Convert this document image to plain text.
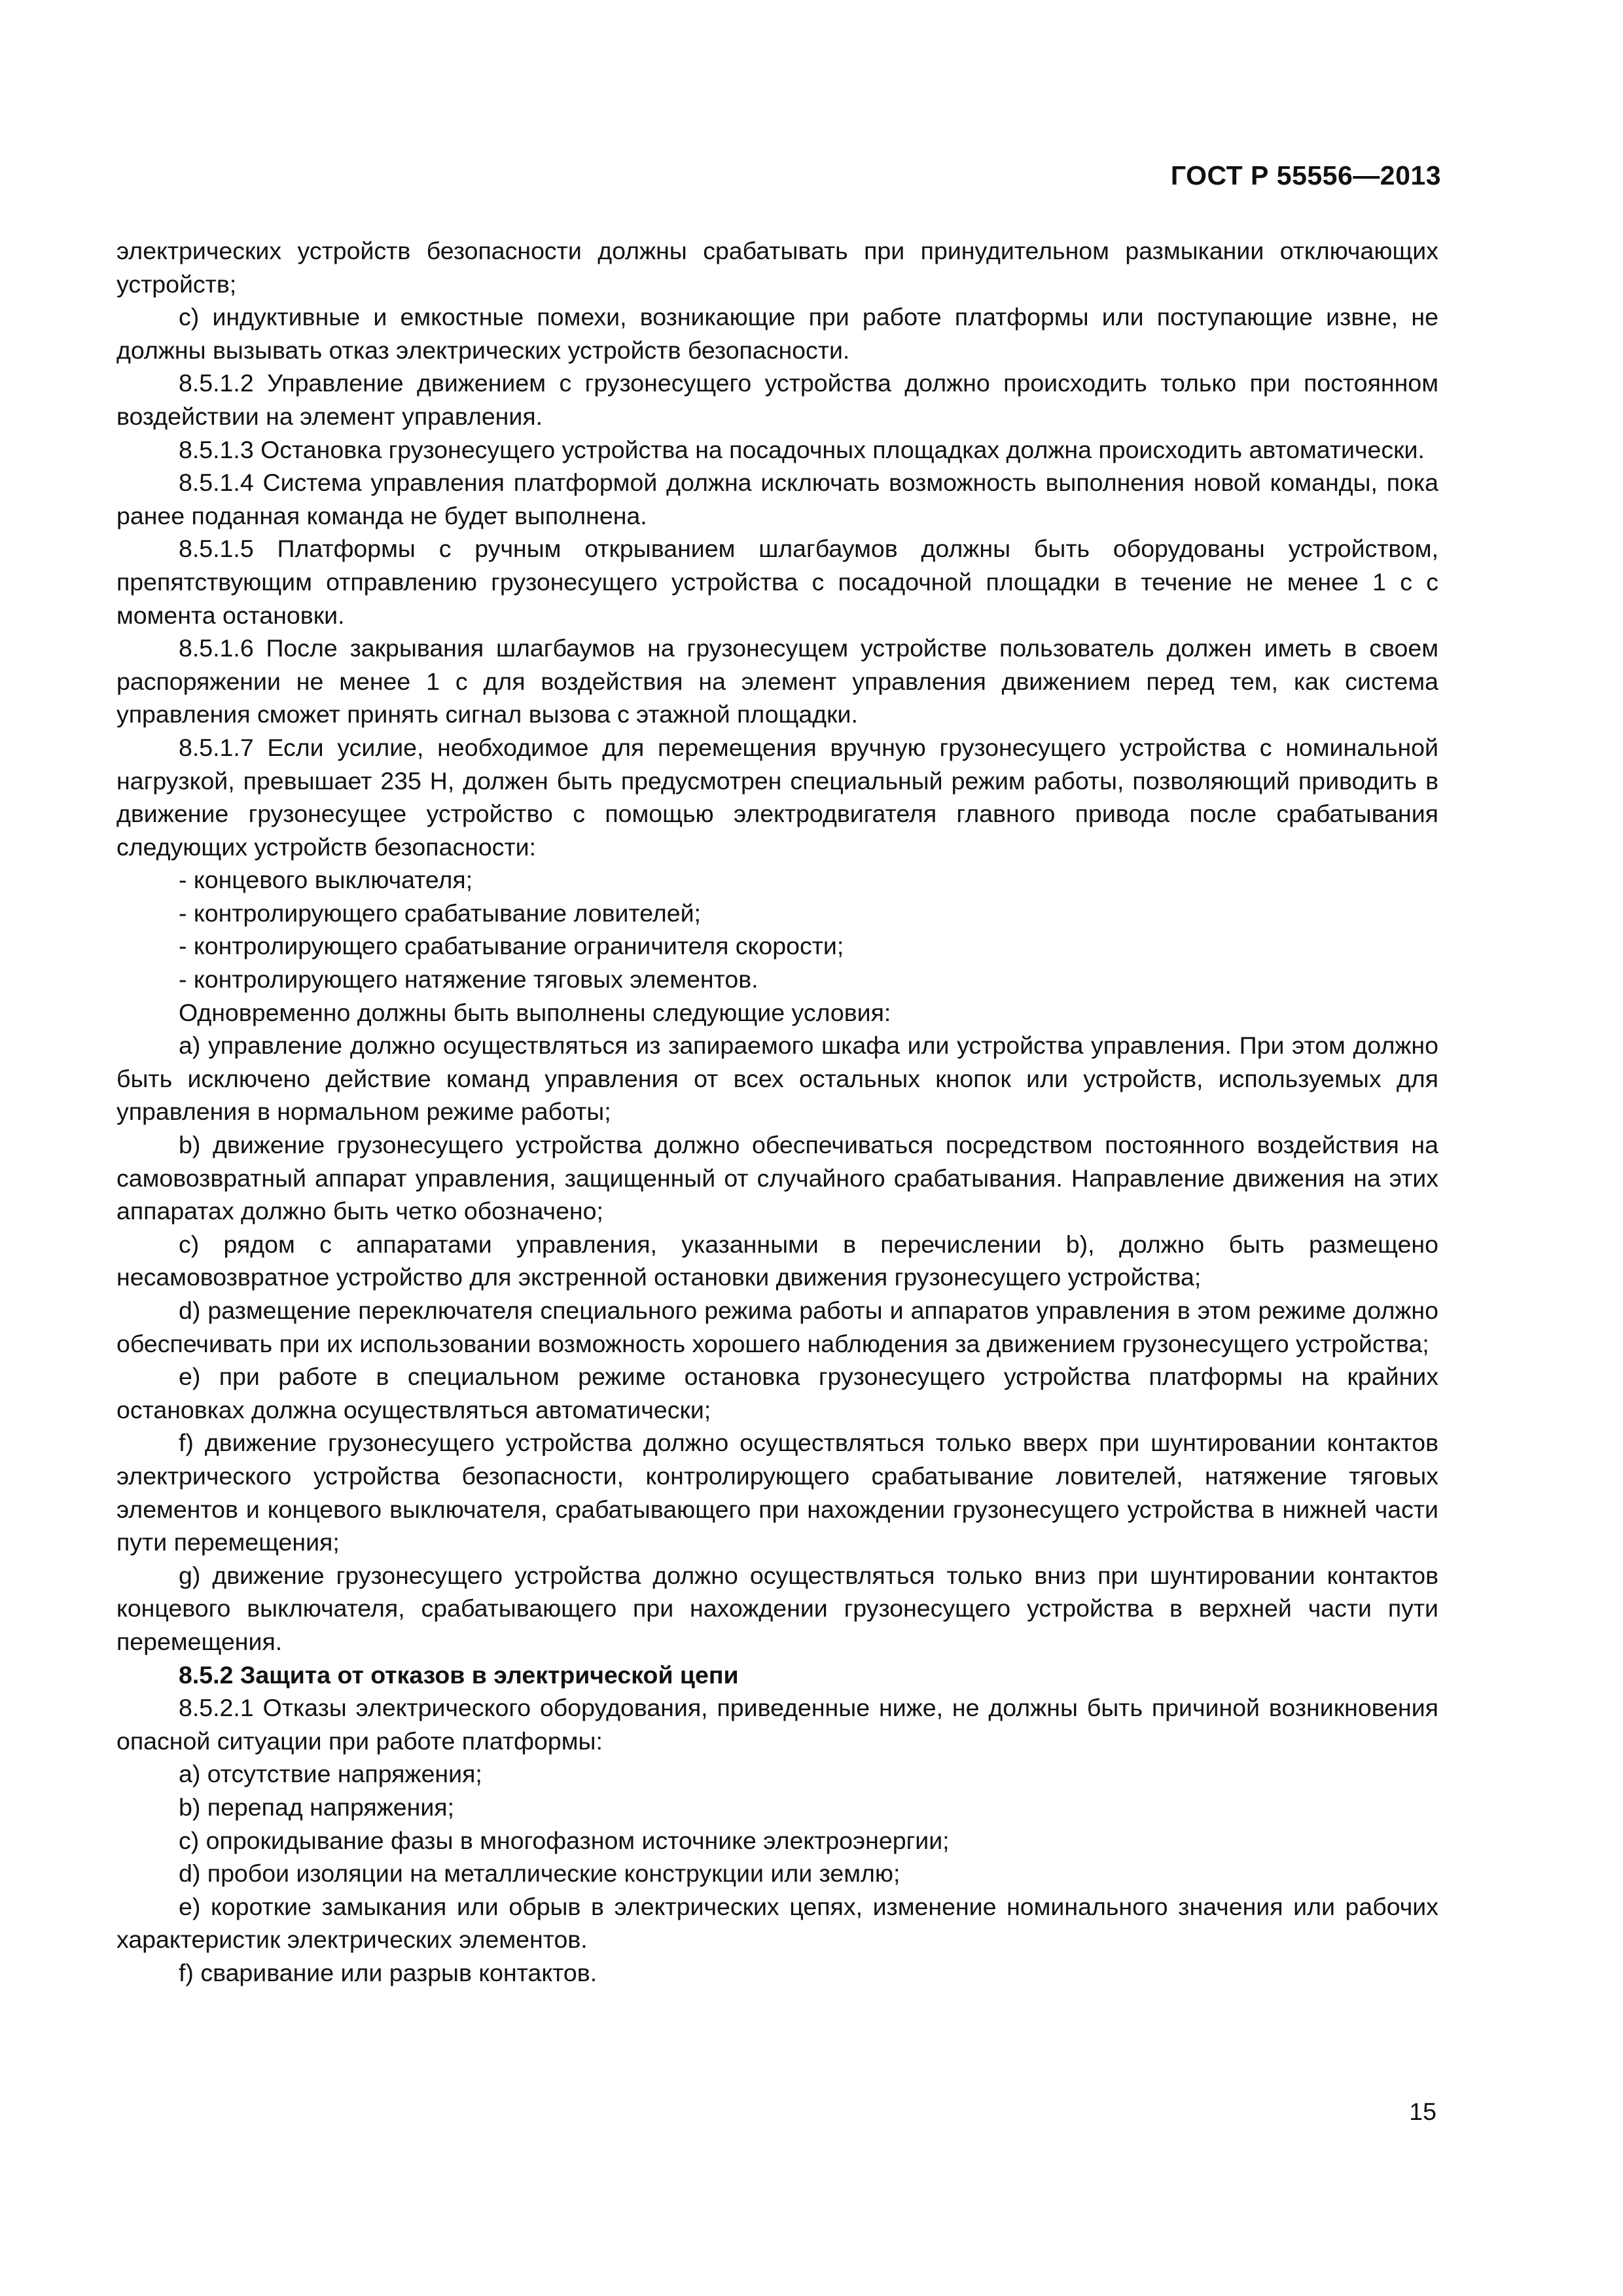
ГОСТ Р 55556—2013

электрических устройств безопасности должны срабатывать при принудительном размыкании отключающих устройств;

c) индуктивные и емкостные помехи, возникающие при работе платформы или поступающие извне, не должны вызывать отказ электрических устройств безопасности.

8.5.1.2 Управление движением с грузонесущего устройства должно происходить только при постоянном воздействии на элемент управления.

8.5.1.3 Остановка грузонесущего устройства на посадочных площадках должна происходить автоматически.

8.5.1.4 Система управления платформой должна исключать возможность выполнения новой команды, пока ранее поданная команда не будет выполнена.

8.5.1.5 Платформы с ручным открыванием шлагбаумов должны быть оборудованы устройством, препятствующим отправлению грузонесущего устройства с посадочной площадки в течение не менее 1 с с момента остановки.

8.5.1.6 После закрывания шлагбаумов на грузонесущем устройстве пользователь должен иметь в своем распоряжении не менее 1 с для воздействия на элемент управления движением перед тем, как система управления сможет принять сигнал вызова с этажной площадки.

8.5.1.7 Если усилие, необходимое для перемещения вручную грузонесущего устройства с номинальной нагрузкой, превышает 235 Н, должен быть предусмотрен специальный режим работы, позволяющий приводить в движение грузонесущее устройство с помощью электродвигателя главного привода после срабатывания следующих устройств безопасности:

- концевого выключателя;

- контролирующего срабатывание ловителей;

- контролирующего срабатывание ограничителя скорости;

- контролирующего натяжение тяговых элементов.

Одновременно должны быть выполнены следующие условия:

a) управление должно осуществляться из запираемого шкафа или устройства управления. При этом должно быть исключено действие команд управления от всех остальных кнопок или устройств, используемых для управления в нормальном режиме работы;

b) движение грузонесущего устройства должно обеспечиваться посредством постоянного воздействия на самовозвратный аппарат управления, защищенный от случайного срабатывания. Направление движения на этих аппаратах должно быть четко обозначено;

c) рядом с аппаратами управления, указанными в перечислении b), должно быть размещено несамовозвратное устройство для экстренной остановки движения грузонесущего устройства;

d) размещение переключателя специального режима работы и аппаратов управления в этом режиме должно обеспечивать при их использовании возможность хорошего наблюдения за движением грузонесущего устройства;

e) при работе в специальном режиме остановка грузонесущего устройства платформы на крайних остановках должна осуществляться автоматически;

f) движение грузонесущего устройства должно осуществляться только вверх при шунтировании контактов электрического устройства безопасности, контролирующего срабатывание ловителей, натяжение тяговых элементов и концевого выключателя, срабатывающего при нахождении грузонесущего устройства в нижней части пути перемещения;

g) движение грузонесущего устройства должно осуществляться только вниз при шунтировании контактов концевого выключателя, срабатывающего при нахождении грузонесущего устройства в верхней части пути перемещения.

8.5.2 Защита от отказов в электрической цепи

8.5.2.1 Отказы электрического оборудования, приведенные ниже, не должны быть причиной возникновения опасной ситуации при работе платформы:

a) отсутствие напряжения;

b) перепад напряжения;

c) опрокидывание фазы в многофазном источнике электроэнергии;

d) пробои изоляции на металлические конструкции или землю;

e) короткие замыкания или обрыв в электрических цепях, изменение номинального значения или рабочих характеристик электрических элементов.

f) сваривание или разрыв контактов.

15
